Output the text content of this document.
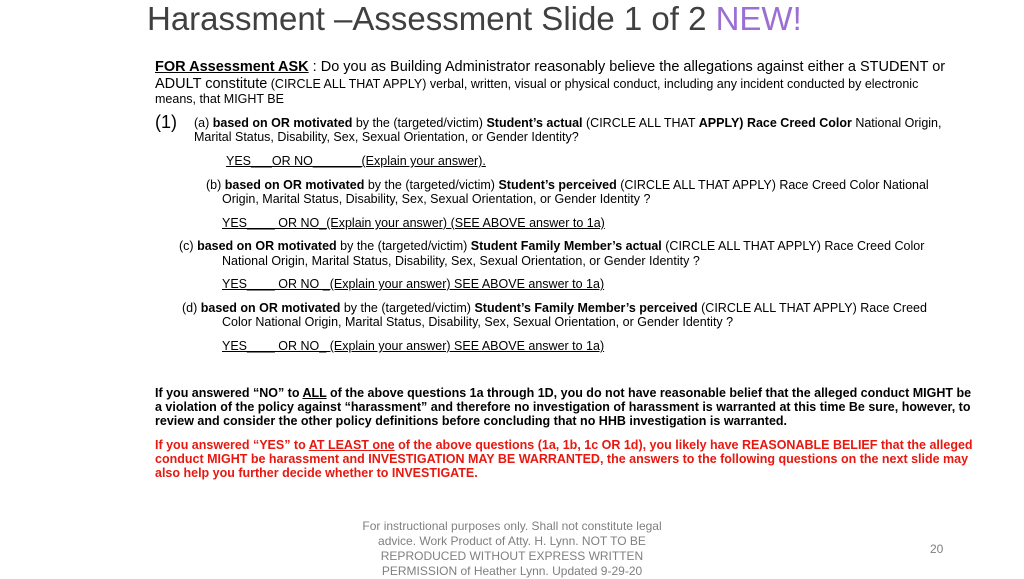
Harassment –Assessment Slide 1 of 2 NEW!
FOR Assessment ASK : Do you as Building Administrator reasonably believe the allegations against either a STUDENT or
ADULT constitute (CIRCLE ALL THAT APPLY) verbal, written, visual or physical conduct, including any incident conducted by electronic
means, that MIGHT BE
(1) (a) based on OR motivated by the (targeted/victim) Student’s actual (CIRCLE ALL THAT APPLY) Race Creed Color National Origin,
Marital Status, Disability, Sex, Sexual Orientation, or Gender Identity?
YES___OR NO_______(Explain your answer).
(b) based on OR motivated by the (targeted/victim) Student’s perceived (CIRCLE ALL THAT APPLY) Race Creed Color National
Origin, Marital Status, Disability, Sex, Sexual Orientation, or Gender Identity ?
YES____ OR NO_(Explain your answer) (SEE ABOVE answer to 1a)
(c) based on OR motivated by the (targeted/victim) Student Family Member’s actual (CIRCLE ALL THAT APPLY) Race Creed Color
National Origin, Marital Status, Disability, Sex, Sexual Orientation, or Gender Identity ?
YES____ OR NO _(Explain your answer) SEE ABOVE answer to 1a)
(d) based on OR motivated by the (targeted/victim) Student’s Family Member’s perceived (CIRCLE ALL THAT APPLY) Race Creed
Color National Origin, Marital Status, Disability, Sex, Sexual Orientation, or Gender Identity ?
YES____ OR NO_ (Explain your answer) SEE ABOVE answer to 1a)
If you answered “NO” to ALL of the above questions 1a through 1D, you do not have reasonable belief that the alleged conduct MIGHT be
a violation of the policy against “harassment” and therefore no investigation of harassment is warranted at this time Be sure, however, to
review and consider the other policy definitions before concluding that no HHB investigation is warranted.
If you answered “YES” to AT LEAST one of the above questions (1a, 1b, 1c OR 1d), you likely have REASONABLE BELIEF that the alleged
conduct MIGHT be harassment and INVESTIGATION MAY BE WARRANTED, the answers to the following questions on the next slide may
also help you further decide whether to INVESTIGATE.
For instructional purposes only. Shall not constitute legal
advice. Work Product of Atty. H. Lynn. NOT TO BE
REPRODUCED WITHOUT EXPRESS WRITTEN
PERMISSION of Heather Lynn. Updated 9-29-20
20
